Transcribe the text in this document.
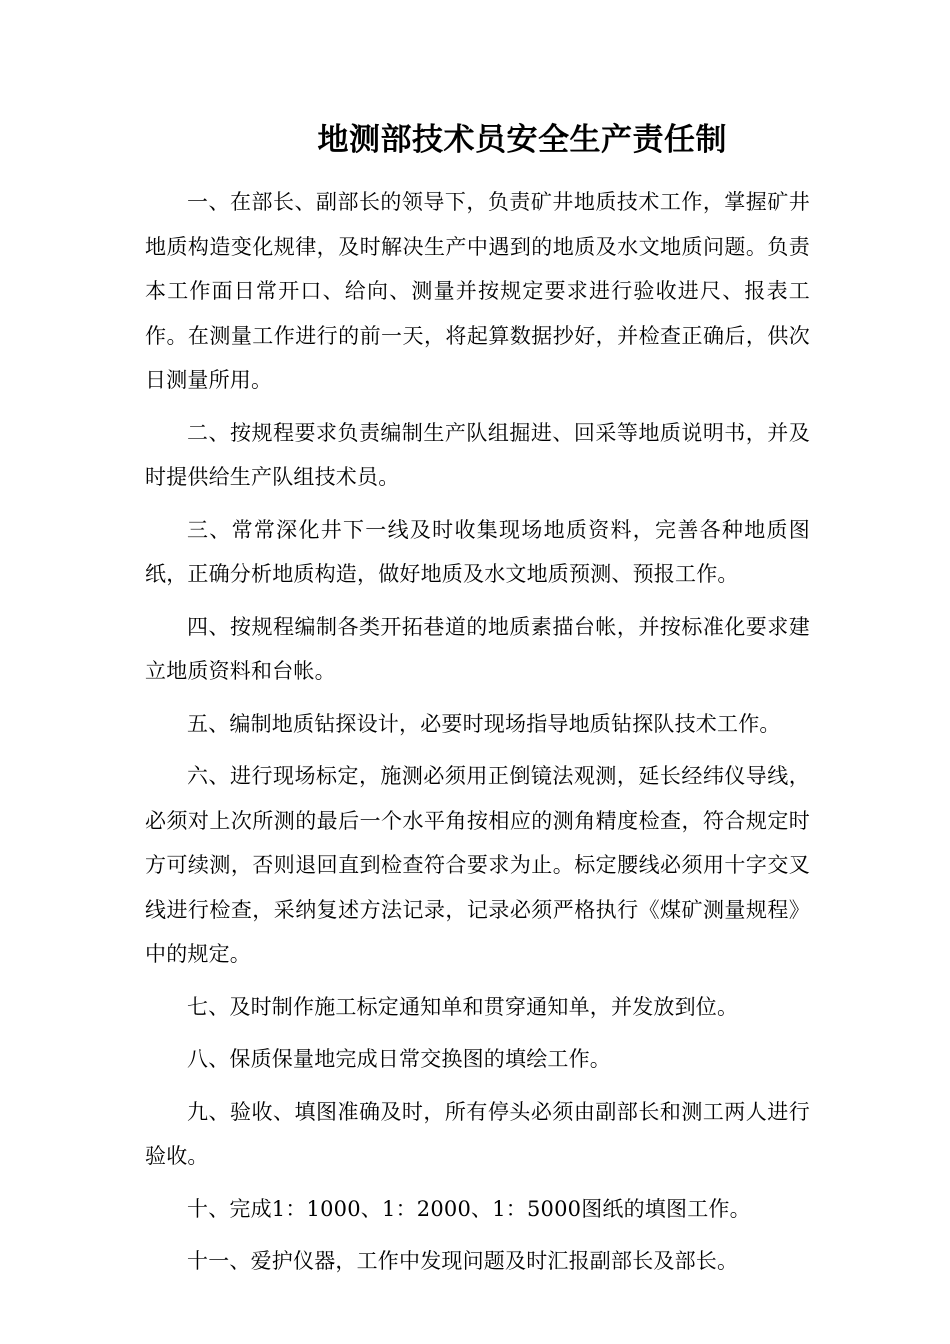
地测部技术员安全生产责任制

一、在部长、副部长的领导下，负责矿井地质技术工作，掌握矿井地质构造变化规律，及时解决生产中遇到的地质及水文地质问题。负责本工作面日常开口、给向、测量并按规定要求进行验收进尺、报表工作。在测量工作进行的前一天，将起算数据抄好，并检查正确后，供次日测量所用。

二、按规程要求负责编制生产队组掘进、回采等地质说明书，并及时提供给生产队组技术员。

三、常常深化井下一线及时收集现场地质资料，完善各种地质图纸，正确分析地质构造，做好地质及水文地质预测、预报工作。

四、按规程编制各类开拓巷道的地质素描台帐，并按标准化要求建立地质资料和台帐。

五、编制地质钻探设计，必要时现场指导地质钻探队技术工作。

六、进行现场标定，施测必须用正倒镜法观测，延长经纬仪导线，必须对上次所测的最后一个水平角按相应的测角精度检查，符合规定时方可续测，否则退回直到检查符合要求为止。标定腰线必须用十字交叉线进行检查，采纳复述方法记录，记录必须严格执行《煤矿测量规程》中的规定。

七、及时制作施工标定通知单和贯穿通知单，并发放到位。

八、保质保量地完成日常交换图的填绘工作。

九、验收、填图准确及时，所有停头必须由副部长和测工两人进行验收。

十、完成1：1000、1：2000、1：5000图纸的填图工作。

十一、爱护仪器，工作中发现问题及时汇报副部长及部长。
